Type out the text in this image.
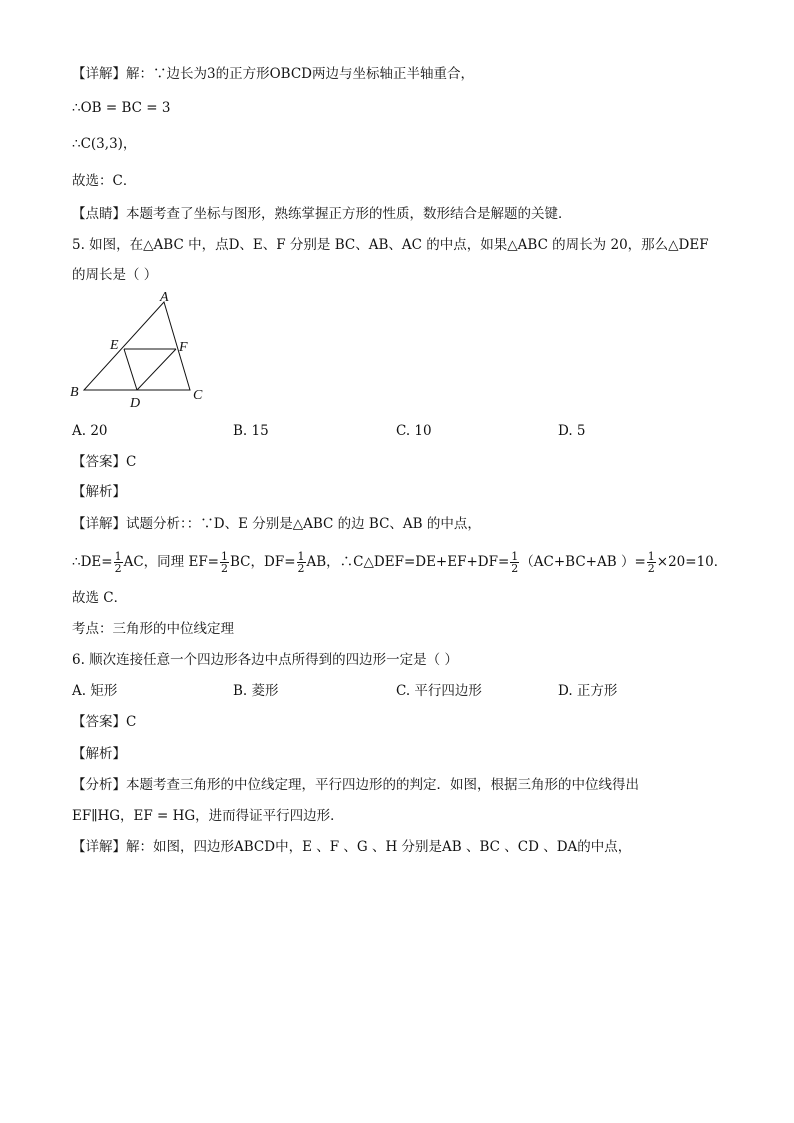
【详解】解：∵边长为3的正方形OBCD两边与坐标轴正半轴重合，
∴OB = BC = 3
∴C(3,3)，
故选：C．
【点睛】本题考查了坐标与图形，熟练掌握正方形的性质，数形结合是解题的关键．
5. 如图，在△ABC 中，点D、E、F 分别是 BC、AB、AC 的中点，如果△ABC 的周长为 20，那么△DEF
的周长是（ ）
A
E	F
B
D
C
A. 20	B. 15	C. 10	D. 5
【答案】C
【解析】
【详解】试题分析：：∵D、E 分别是△ABC 的边 BC、AB 的中点，
∴DE= $\frac{1}{2}$ AC，同理 $EF= \frac{1}{2}$ BC，$DF= \frac{1}{2}$ AB，∴C△DEF=DE+EF+DF= $\frac{1}{2} (AC+BC+AB$ ）= $\frac{1}{2} \times 20=10$．
故选 C．
考点：三角形的中位线定理
6. 顺次连接任意一个四边形各边中点所得到的四边形一定是（ ）
A. 矩形	B. 菱形	C. 平行四边形	D. 正方形
【答案】C
【解析】
【分析】本题考查三角形的中位线定理，平行四边形的的判定．如图，根据三角形的中位线得出
EF∥HG，EF = HG，进而得证平行四边形．
【详解】解：如图，四边形ABCD中，E 、F 、G 、H 分别是AB 、BC 、CD 、DA的中点，
